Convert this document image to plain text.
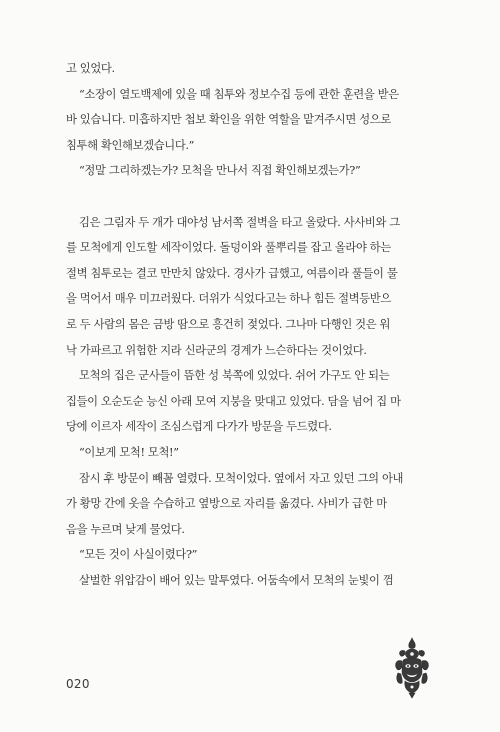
고 있었다.
“소장이 열도백제에 있을 때 침투와 정보수집 등에 관한 훈련을 받은
바 있습니다. 미흡하지만 첩보 확인을 위한 역할을 맡겨주시면 성으로
침투해 확인해보겠습니다.”
“정말 그리하겠는가? 모척을 만나서 직접 확인해보겠는가?”
김은 그림자 두 개가 대야성 남서쪽 절벽을 타고 올랐다. 사사비와 그
를 모척에게 인도할 세작이었다. 돌덩이와 풀뿌리를 잡고 올라야 하는
절벽 침투로는 결코 만만치 않았다. 경사가 급했고, 여름이라 풀들이 물
을 먹어서 매우 미끄러웠다. 더위가 식었다고는 하나 힘든 절벽등반으
로 두 사람의 몸은 금방 땀으로 흥건히 젖었다. 그나마 다행인 것은 워
낙 가파르고 위험한 지라 신라군의 경계가 느슨하다는 것이었다.
모척의 집은 군사들이 뜸한 성 북쪽에 있었다. 쉬어 가구도 안 되는
집들이 오순도순 능신 아래 모여 지붕을 맞대고 있었다. 담을 넘어 집 마
당에 이르자 세작이 조심스럽게 다가가 방문을 두드렸다.
“이보게 모척! 모척!”
잠시 후 방문이 빼꼼 열렸다. 모척이었다. 옆에서 자고 있던 그의 아내
가 황망 간에 옷을 수습하고 옆방으로 자리를 옮겼다. 사비가 급한 마
음을 누르며 낮게 물었다.
“모든 것이 사실이렸다?”
살벌한 위압감이 배어 있는 말투였다. 어둠속에서 모척의 눈빛이 껌
020
